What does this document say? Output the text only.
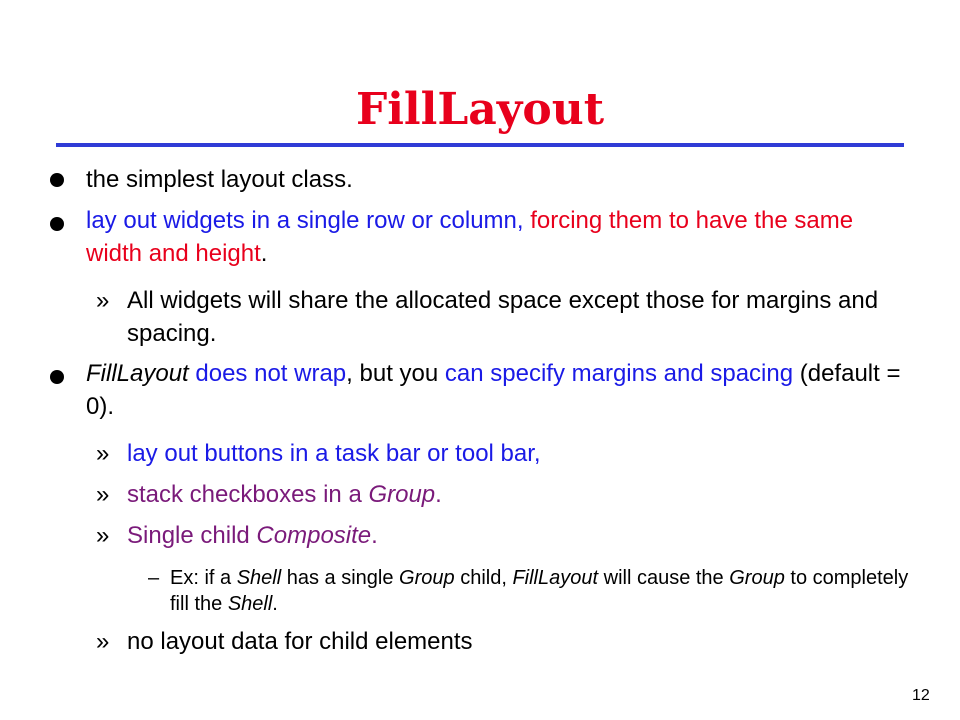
FillLayout
the simplest layout class.
lay out widgets in a single row or column, forcing them to have the same width and height.
» All widgets will share the allocated space except those for margins and spacing.
FillLayout does not wrap, but you can specify margins and spacing (default = 0).
» lay out buttons in a task bar or tool bar,
» stack checkboxes in a Group.
» Single child Composite.
– Ex: if a Shell has a single Group child, FillLayout will cause the Group to completely fill the Shell.
» no layout data for child elements
12
